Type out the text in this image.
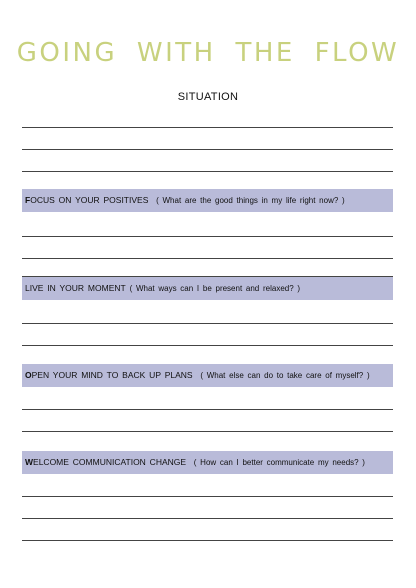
GOING WITH THE FLOW
SITUATION
FOCUS ON YOUR POSITIVES ( What are the good things in my life right now? )
LIVE IN YOUR MOMENT ( What ways can I be present and relaxed? )
OPEN YOUR MIND TO BACK UP PLANS ( What else can do to take care of myself? )
WELCOME COMMUNICATION CHANGE ( How can I better communicate my needs? )
